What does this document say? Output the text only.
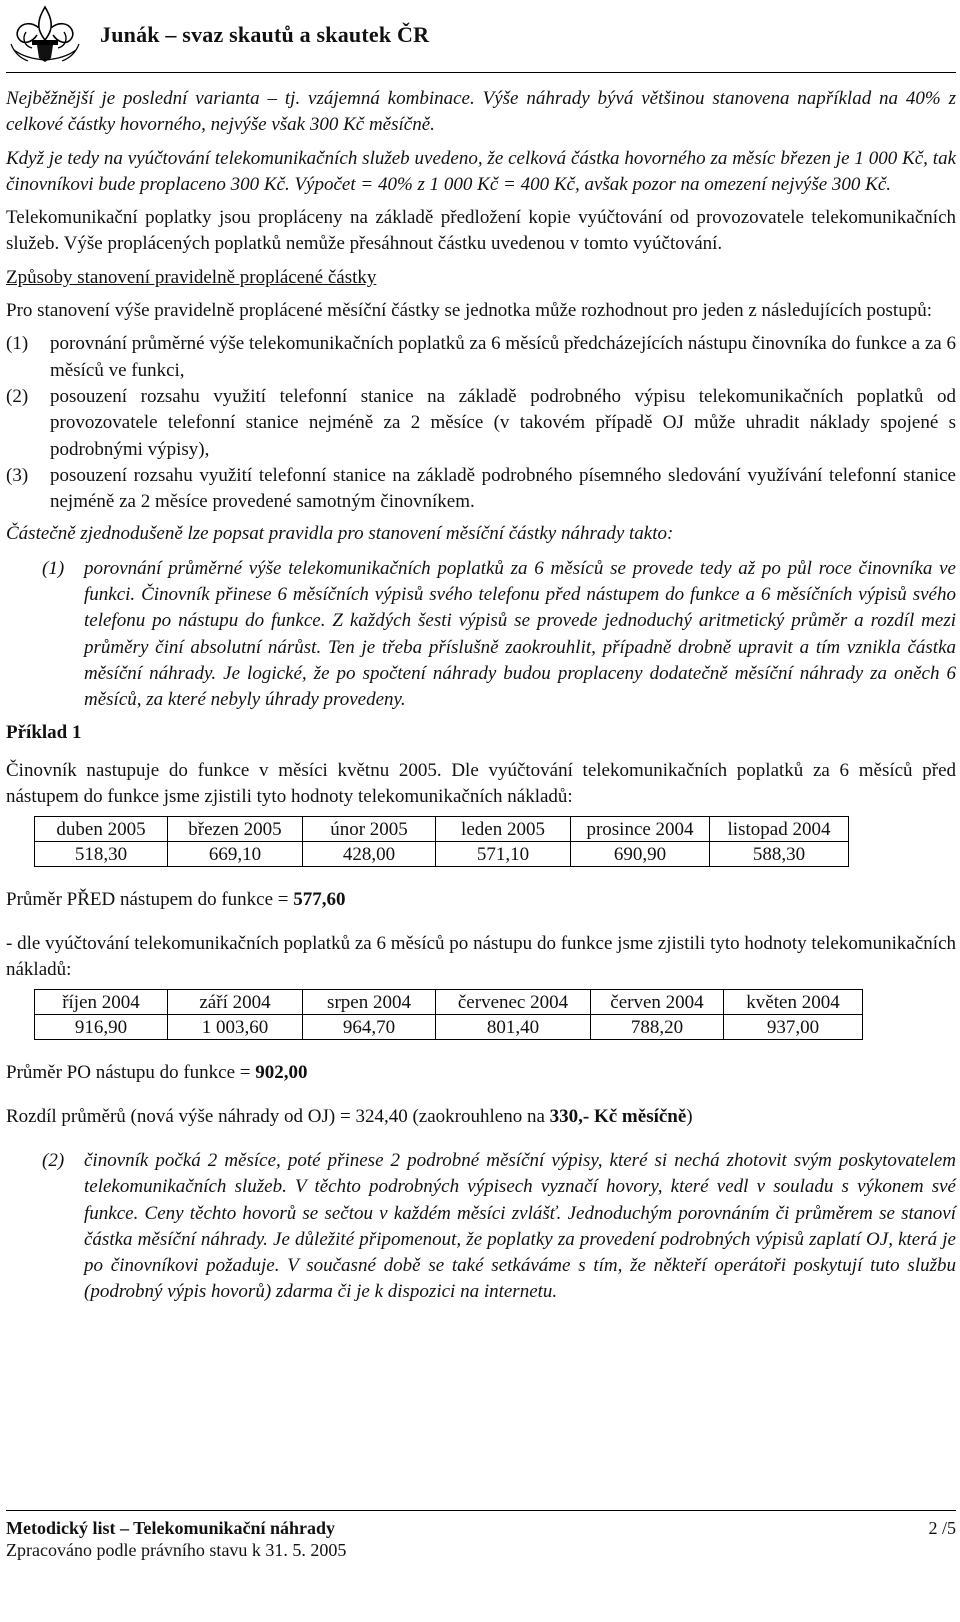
Junák – svaz skautů a skautek ČR

Nejběžnější je poslední varianta – tj. vzájemná kombinace. Výše náhrady bývá většinou stanovena například na 40% z celkové částky hovorného, nejvýše však 300 Kč měsíčně.

Když je tedy na vyúčtování telekomunikačních služeb uvedeno, že celková částka hovorného za měsíc březen je 1 000 Kč, tak činovníkovi bude proplaceno 300 Kč. Výpočet = 40% z 1 000 Kč = 400 Kč, avšak pozor na omezení nejvýše 300 Kč.

Telekomunikační poplatky jsou propláceny na základě předložení kopie vyúčtování od provozovatele telekomunikačních služeb. Výše proplácených poplatků nemůže přesáhnout částku uvedenou v tomto vyúčtování.

Způsoby stanovení pravidelně proplácené částky

Pro stanovení výše pravidelně proplácené měsíční částky se jednotka může rozhodnout pro jeden z následujících postupů:

(1) porovnání průměrné výše telekomunikačních poplatků za 6 měsíců předcházejících nástupu činovníka do funkce a za 6 měsíců ve funkci,
(2) posouzení rozsahu využití telefonní stanice na základě podrobného výpisu telekomunikačních poplatků od provozovatele telefonní stanice nejméně za 2 měsíce (v takovém případě OJ může uhradit náklady spojené s podrobnými výpisy),
(3) posouzení rozsahu využití telefonní stanice na základě podrobného písemného sledování využívání telefonní stanice nejméně za 2 měsíce provedené samotným činovníkem.

Částečně zjednodušeně lze popsat pravidla pro stanovení měsíční částky náhrady takto:

(1) porovnání průměrné výše telekomunikačních poplatků za 6 měsíců se provede tedy až po půl roce činovníka ve funkci. Činovník přinese 6 měsíčních výpisů svého telefonu před nástupem do funkce a 6 měsíčních výpisů svého telefonu po nástupu do funkce. Z každých šesti výpisů se provede jednoduchý aritmetický průměr a rozdíl mezi průměry činí absolutní nárůst. Ten je třeba příslušně zaokrouhlit, případně drobně upravit a tím vznikla částka měsíční náhrady. Je logické, že po spočtení náhrady budou proplaceny dodatečně měsíční náhrady za oněch 6 měsíců, za které nebyly úhrady provedeny.

Příklad 1

Činovník nastupuje do funkce v měsíci květnu 2005. Dle vyúčtování telekomunikačních poplatků za 6 měsíců před nástupem do funkce jsme zjistili tyto hodnoty telekomunikačních nákladů:

duben 2005	březen 2005	únor 2005	leden 2005	prosince 2004	listopad 2004
518,30	669,10	428,00	571,10	690,90	588,30

Průměr PŘED nástupem do funkce = 577,60

- dle vyúčtování telekomunikačních poplatků za 6 měsíců po nástupu do funkce jsme zjistili tyto hodnoty telekomunikačních nákladů:

říjen 2004	září 2004	srpen 2004	červenec 2004	červen 2004	květen 2004
916,90	1 003,60	964,70	801,40	788,20	937,00

Průměr PO nástupu do funkce = 902,00

Rozdíl průměrů (nová výše náhrady od OJ) = 324,40 (zaokrouhleno na 330,- Kč měsíčně)

(2) činovník počká 2 měsíce, poté přinese 2 podrobné měsíční výpisy, které si nechá zhotovit svým poskytovatelem telekomunikačních služeb. V těchto podrobných výpisech vyznačí hovory, které vedl v souladu s výkonem své funkce. Ceny těchto hovorů se sečtou v každém měsíci zvlášť. Jednoduchým porovnáním či průměrem se stanoví částka měsíční náhrady. Je důležité připomenout, že poplatky za provedení podrobných výpisů zaplatí OJ, která je po činovníkovi požaduje. V současné době se také setkáváme s tím, že někteří operátoři poskytují tuto službu (podrobný výpis hovorů) zdarma či je k dispozici na internetu.
Metodický list – Telekomunikační náhrady	2 /5
Zpracováno podle právního stavu k 31. 5. 2005
